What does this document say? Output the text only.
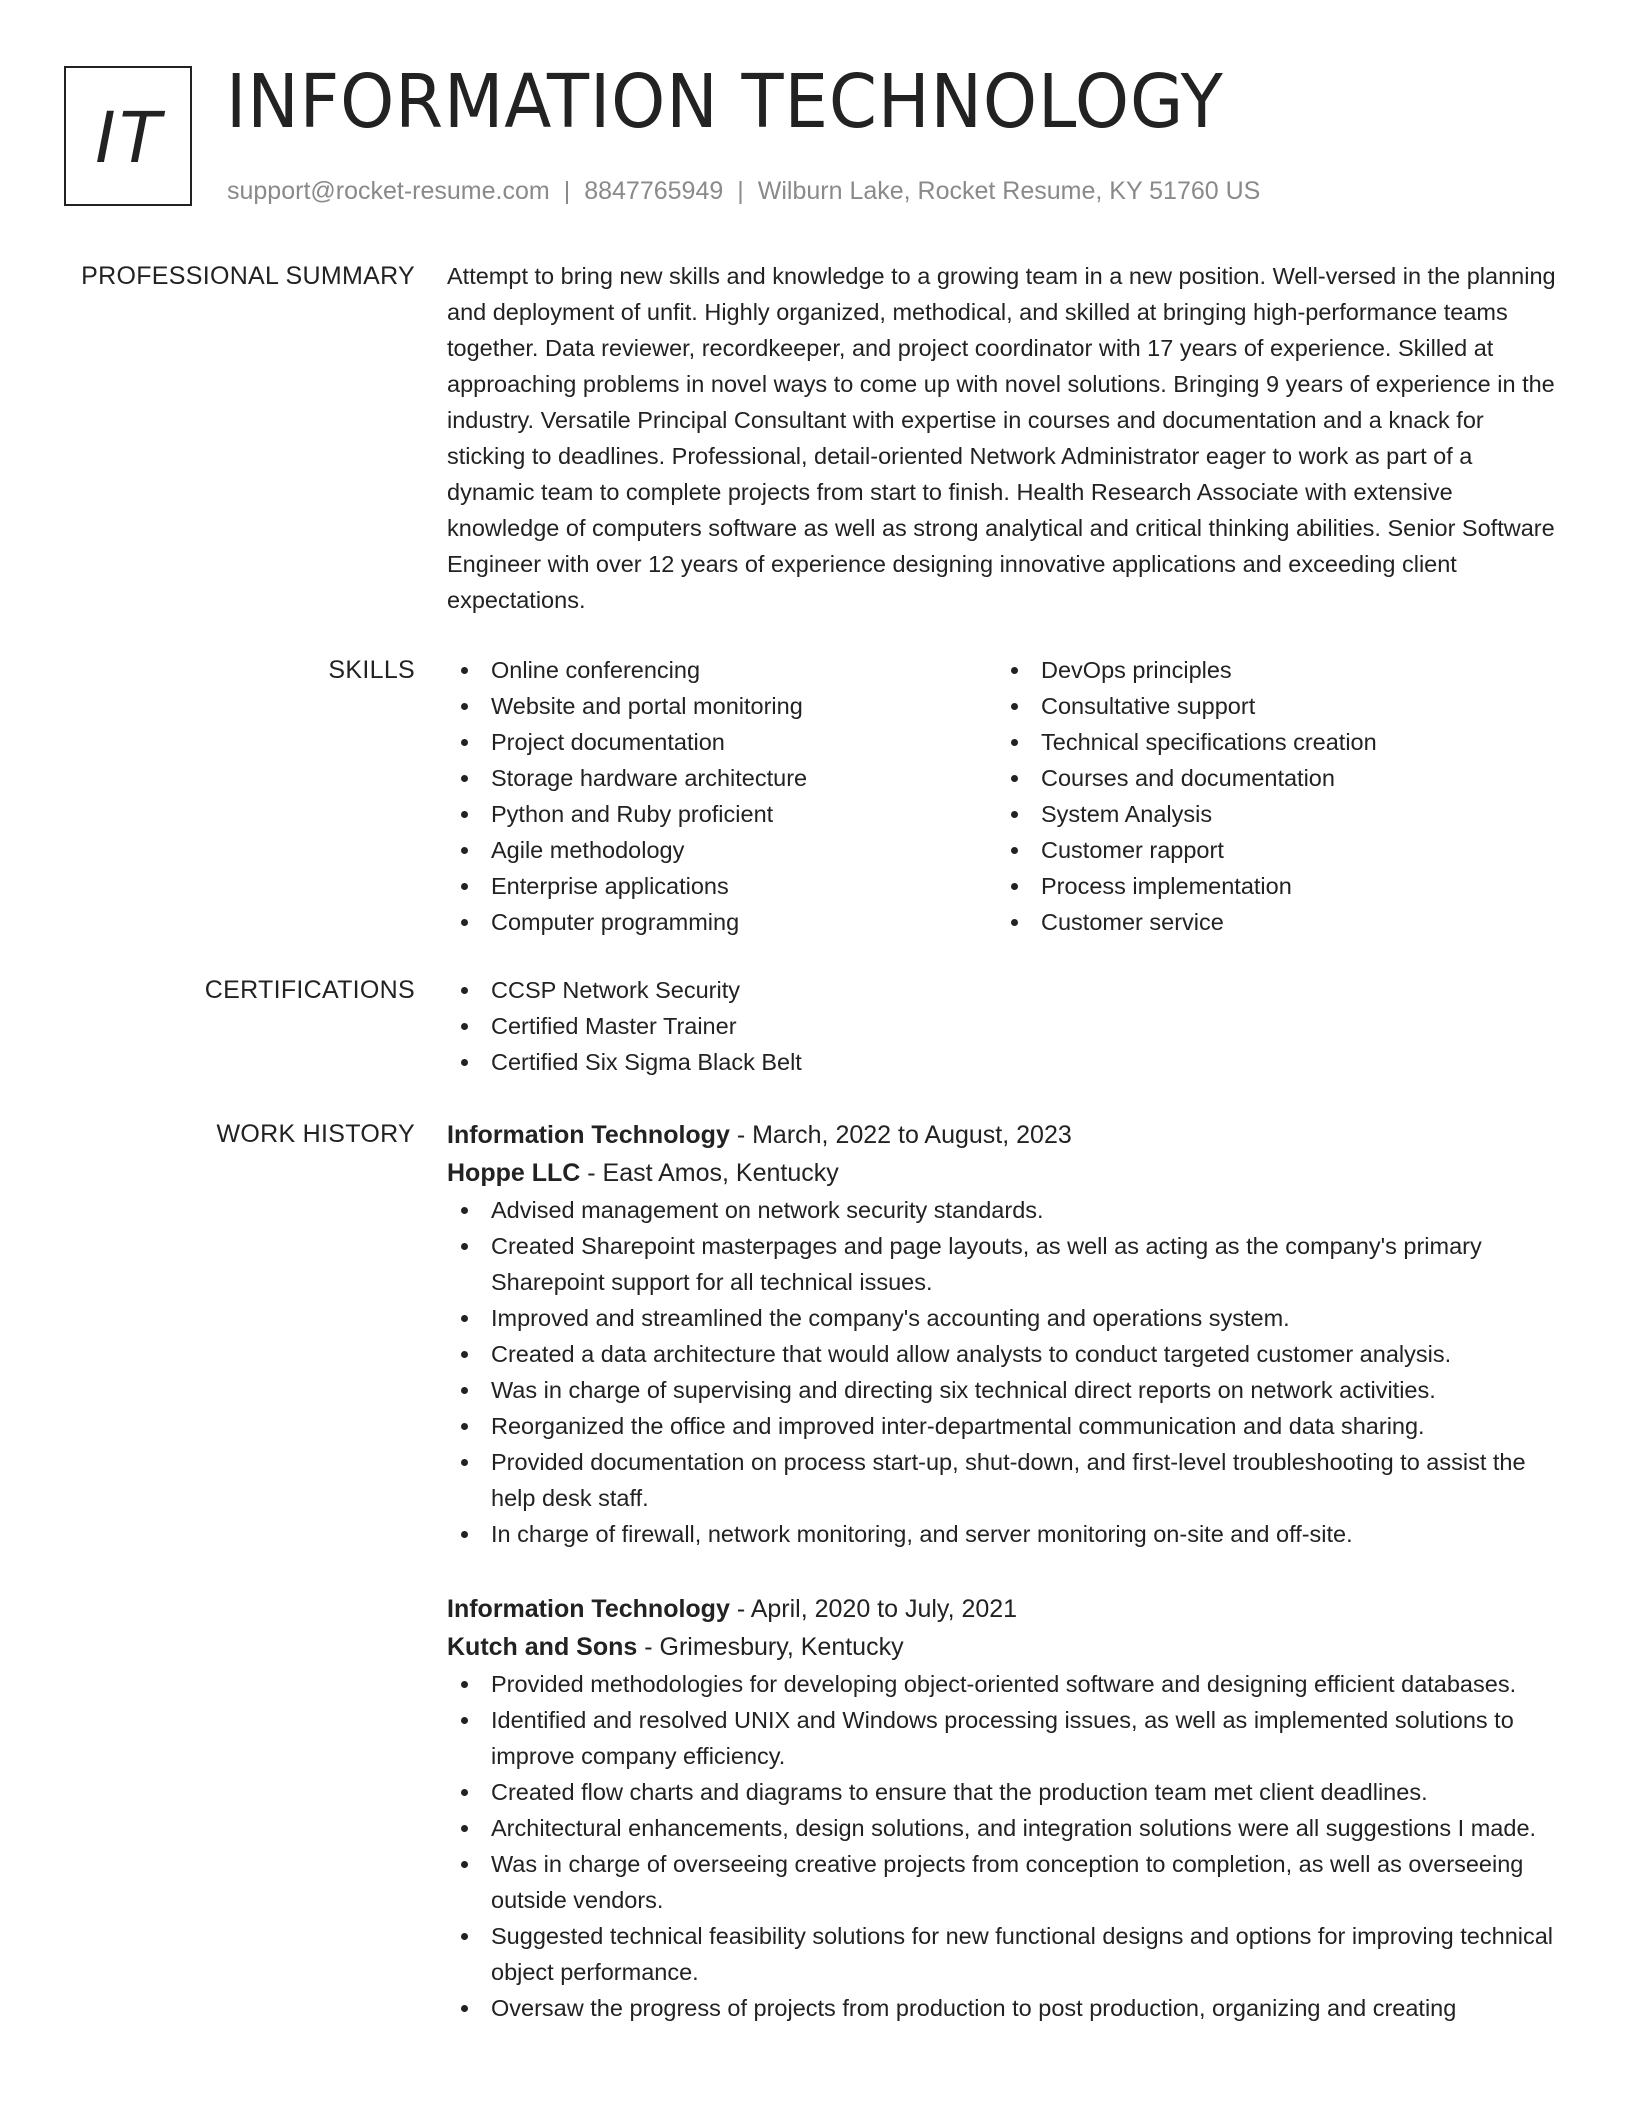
IT INFORMATION TECHNOLOGY
support@rocket-resume.com | 8847765949 | Wilburn Lake, Rocket Resume, KY 51760 US
PROFESSIONAL SUMMARY Attempt to bring new skills and knowledge to a growing team in a new position. Well-versed in the planning and deployment of unfit. Highly organized, methodical, and skilled at bringing high-performance teams together. Data reviewer, recordkeeper, and project coordinator with 17 years of experience. Skilled at approaching problems in novel ways to come up with novel solutions. Bringing 9 years of experience in the industry. Versatile Principal Consultant with expertise in courses and documentation and a knack for sticking to deadlines. Professional, detail-oriented Network Administrator eager to work as part of a dynamic team to complete projects from start to finish. Health Research Associate with extensive knowledge of computers software as well as strong analytical and critical thinking abilities. Senior Software Engineer with over 12 years of experience designing innovative applications and exceeding client expectations.

SKILLS	Online conferencing
Website and portal monitoring
Project documentation
Storage hardware architecture
Python and Ruby proficient
Agile methodology
Enterprise applications
Computer programming
DevOps principles
Consultative support
Technical specifications creation
Courses and documentation
System Analysis
Customer rapport
Process implementation
Customer service
CERTIFICATIONS	CCSP Network Security
Certified Master Trainer
Certified Six Sigma Black Belt
WORK HISTORY Information Technology - March, 2022 to August, 2023
Hoppe LLC - East Amos, Kentucky
Advised management on network security standards.
Created Sharepoint masterpages and page layouts, as well as acting as the company's primary Sharepoint support for all technical issues.
Improved and streamlined the company's accounting and operations system.
Created a data architecture that would allow analysts to conduct targeted customer analysis.
Was in charge of supervising and directing six technical direct reports on network activities.
Reorganized the office and improved inter-departmental communication and data sharing.
Provided documentation on process start-up, shut-down, and first-level troubleshooting to assist the help desk staff.
In charge of firewall, network monitoring, and server monitoring on-site and off-site.
Information Technology - April, 2020 to July, 2021
Kutch and Sons - Grimesbury, Kentucky
Provided methodologies for developing object-oriented software and designing efficient databases.
Identified and resolved UNIX and Windows processing issues, as well as implemented solutions to improve company efficiency.
Created flow charts and diagrams to ensure that the production team met client deadlines.
Architectural enhancements, design solutions, and integration solutions were all suggestions I made.
Was in charge of overseeing creative projects from conception to completion, as well as overseeing outside vendors.
Suggested technical feasibility solutions for new functional designs and options for improving technical object performance.
Oversaw the progress of projects from production to post production, organizing and creating
